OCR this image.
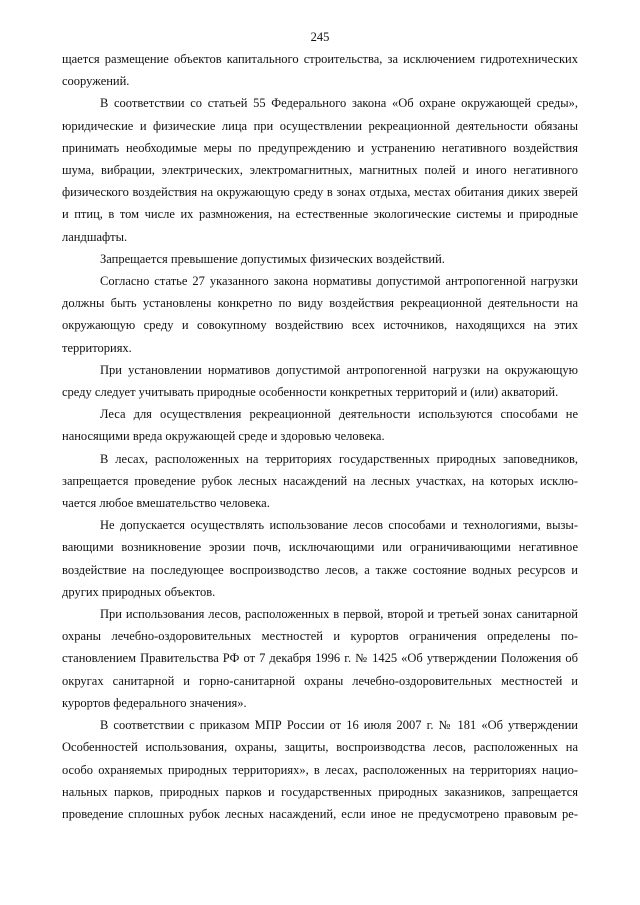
245

щается размещение объектов капитального строительства, за исключением гидротехнических сооружений.

В соответствии со статьей 55 Федерального закона «Об охране окружающей среды», юридические и физические лица при осуществлении рекреационной деятельности обязаны принимать необходимые меры по предупреждению и устранению негативного воздействия шума, вибрации, электрических, электромагнитных, магнитных полей и иного негативного физического воздействия на окружающую среду в зонах отдыха, местах обитания диких зверей и птиц, в том числе их размножения, на естественные экологические системы и природные ландшафты.

Запрещается превышение допустимых физических воздействий.

Согласно статье 27 указанного закона нормативы допустимой антропогенной нагрузки должны быть установлены конкретно по виду воздействия рекреационной деятельности на окружающую среду и совокупному воздействию всех источников, находящихся на этих территориях.

При установлении нормативов допустимой антропогенной нагрузки на окружающую среду следует учитывать природные особенности конкретных территорий и (или) акваторий.

Леса для осуществления рекреационной деятельности используются способами не наносящими вреда окружающей среде и здоровью человека.

В лесах, расположенных на территориях государственных природных заповедников, запрещается проведение рубок лесных насаждений на лесных участках, на которых исключается любое вмешательство человека.

Не допускается осуществлять использование лесов способами и технологиями, вызывающими возникновение эрозии почв, исключающими или ограничивающими негативное воздействие на последующее воспроизводство лесов, а также состояние водных ресурсов и других природных объектов.

При использования лесов, расположенных в первой, второй и третьей зонах санитарной охраны лечебно-оздоровительных местностей и курортов ограничения определены постановлением Правительства РФ от 7 декабря 1996 г. № 1425 «Об утверждении Положения об округах санитарной и горно-санитарной охраны лечебно-оздоровительных местностей и курортов федерального значения».

В соответствии с приказом МПР России от 16 июля 2007 г. № 181 «Об утверждении Особенностей использования, охраны, защиты, воспроизводства лесов, расположенных на особо охраняемых природных территориях», в лесах, расположенных на территориях национальных парков, природных парков и государственных природных заказников, запрещается проведение сплошных рубок лесных насаждений, если иное не предусмотрено правовым ре-
